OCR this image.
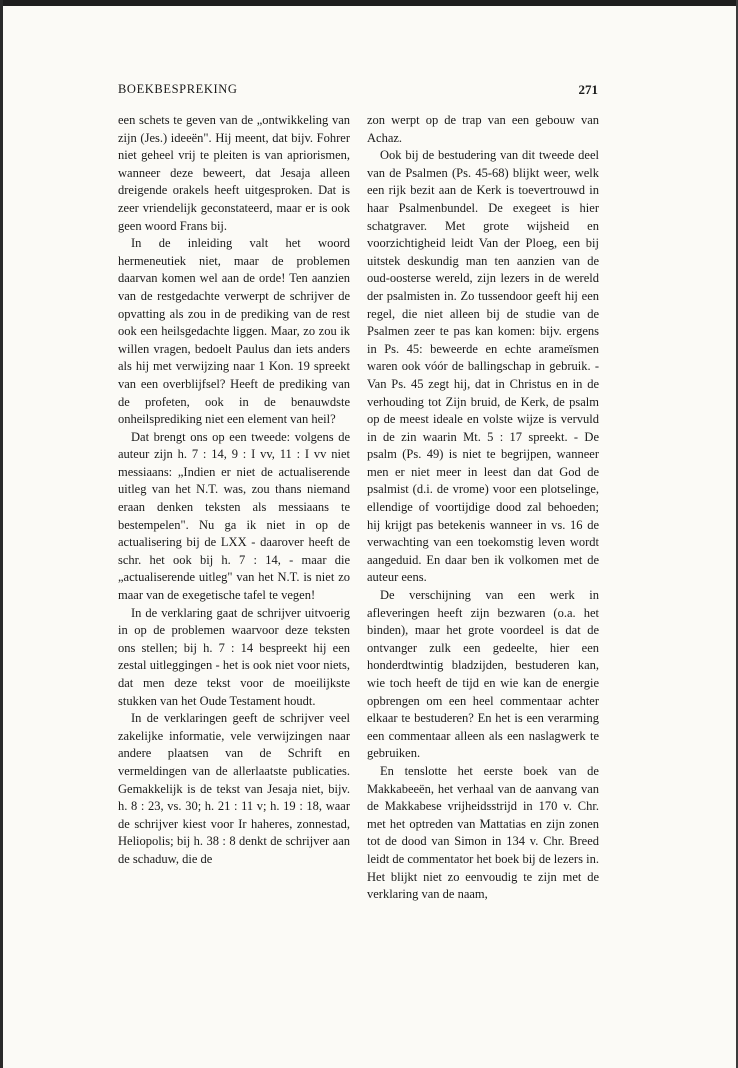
BOEKBESPREKING	271

een schets te geven van de „ontwikkeling van zijn (Jes.) ideeën". Hij meent, dat bijv. Fohrer niet geheel vrij te pleiten is van apriorismen, wanneer deze beweert, dat Jesaja alleen dreigende orakels heeft uitgesproken. Dat is zeer vriendelijk geconstateerd, maar er is ook geen woord Frans bij.

In de inleiding valt het woord hermeneutiek niet, maar de problemen daarvan komen wel aan de orde! Ten aanzien van de restgedachte verwerpt de schrijver de opvatting als zou in de prediking van de rest ook een heilsgedachte liggen. Maar, zo zou ik willen vragen, bedoelt Paulus dan iets anders als hij met verwijzing naar 1 Kon. 19 spreekt van een overblijfsel? Heeft de prediking van de profeten, ook in de benauwdste onheilsprediking niet een element van heil?

Dat brengt ons op een tweede: volgens de auteur zijn h. 7 : 14, 9 : I vv, 11 : I vv niet messiaans: „Indien er niet de actualiserende uitleg van het N.T. was, zou thans niemand eraan denken teksten als messiaans te bestempelen". Nu ga ik niet in op de actualisering bij de LXX - daarover heeft de schr. het ook bij h. 7 : 14, - maar die „actualiserende uitleg" van het N.T. is niet zo maar van de exegetische tafel te vegen!

In de verklaring gaat de schrijver uitvoerig in op de problemen waarvoor deze teksten ons stellen; bij h. 7 : 14 bespreekt hij een zestal uitleggingen - het is ook niet voor niets, dat men deze tekst voor de moeilijkste stukken van het Oude Testament houdt.

In de verklaringen geeft de schrijver veel zakelijke informatie, vele verwijzingen naar andere plaatsen van de Schrift en vermeldingen van de allerlaatste publicaties. Gemakkelijk is de tekst van Jesaja niet, bijv. h. 8 : 23, vs. 30; h. 21 : 11 v; h. 19 : 18, waar de schrijver kiest voor Ir haheres, zonnestad, Heliopolis; bij h. 38 : 8 denkt de schrijver aan de schaduw, die de

zon werpt op de trap van een gebouw van Achaz.

Ook bij de bestudering van dit tweede deel van de Psalmen (Ps. 45-68) blijkt weer, welk een rijk bezit aan de Kerk is toevertrouwd in haar Psalmenbundel. De exegeet is hier schatgraver. Met grote wijsheid en voorzichtigheid leidt Van der Ploeg, een bij uitstek deskundig man ten aanzien van de oud-oosterse wereld, zijn lezers in de wereld der psalmisten in. Zo tussendoor geeft hij een regel, die niet alleen bij de studie van de Psalmen zeer te pas kan komen: bijv. ergens in Ps. 45: beweerde en echte arameïsmen waren ook vóór de ballingschap in gebruik. - Van Ps. 45 zegt hij, dat in Christus en in de verhouding tot Zijn bruid, de Kerk, de psalm op de meest ideale en volste wijze is vervuld in de zin waarin Mt. 5 : 17 spreekt. - De psalm (Ps. 49) is niet te begrijpen, wanneer men er niet meer in leest dan dat God de psalmist (d.i. de vrome) voor een plotselinge, ellendige of voortijdige dood zal behoeden; hij krijgt pas betekenis wanneer in vs. 16 de verwachting van een toekomstig leven wordt aangeduid. En daar ben ik volkomen met de auteur eens.

De verschijning van een werk in afleveringen heeft zijn bezwaren (o.a. het binden), maar het grote voordeel is dat de ontvanger zulk een gedeelte, hier een honderdtwintig bladzijden, bestuderen kan, wie toch heeft de tijd en wie kan de energie opbrengen om een heel commentaar achter elkaar te bestuderen? En het is een verarming een commentaar alleen als een naslagwerk te gebruiken.

En tenslotte het eerste boek van de Makkabeeën, het verhaal van de aanvang van de Makkabese vrijheidsstrijd in 170 v. Chr. met het optreden van Mattatias en zijn zonen tot de dood van Simon in 134 v. Chr. Breed leidt de commentator het boek bij de lezers in. Het blijkt niet zo eenvoudig te zijn met de verklaring van de naam,
